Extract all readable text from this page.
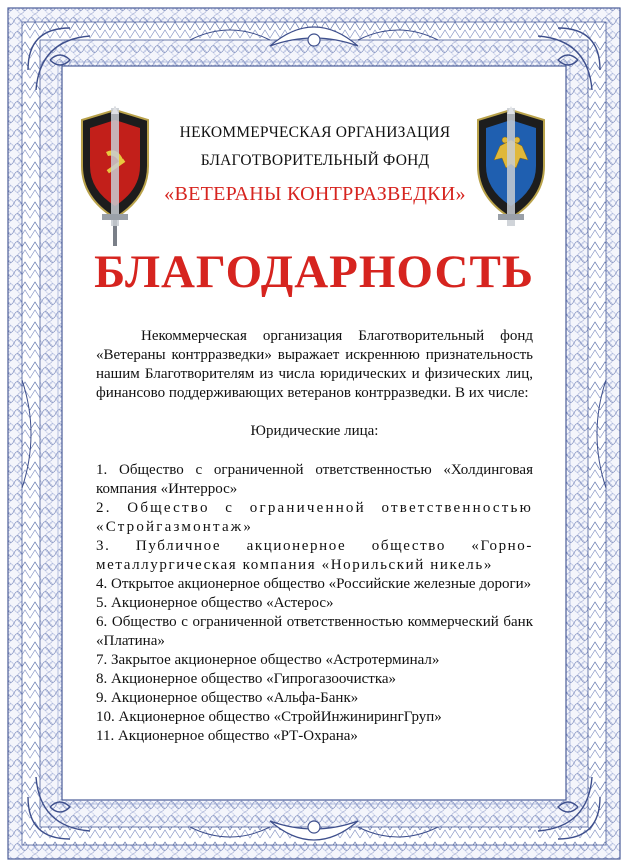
НЕКОММЕРЧЕСКАЯ ОРГАНИЗАЦИЯ
БЛАГОТВОРИТЕЛЬНЫЙ ФОНД
«ВЕТЕРАНЫ КОНТРРАЗВЕДКИ»
БЛАГОДАРНОСТЬ

Некоммерческая организация Благотворительный фонд «Ветераны контрразведки» выражает искреннюю признательность нашим Благотворителям из числа юридических и физических лиц, финансово поддерживающих ветеранов контрразведки. В их числе:

Юридические лица:
1. Общество с ограниченной ответственностью «Холдинговая компания «Интеррос»
2. Общество с ограниченной ответственностью «Стройгазмонтаж»
3. Публичное акционерное общество «Горно-металлургическая компания «Норильский никель»
4. Открытое акционерное общество «Российские железные дороги»
5. Акционерное общество «Астерос»
6. Общество с ограниченной ответственностью коммерческий банк «Платина»
7. Закрытое акционерное общество «Астротерминал»
8. Акционерное общество «Гипрогазоочистка»
9. Акционерное общество «Альфа-Банк»
10. Акционерное общество «СтройИнжинирингГруп»
11. Акционерное общество «РТ-Охрана»
